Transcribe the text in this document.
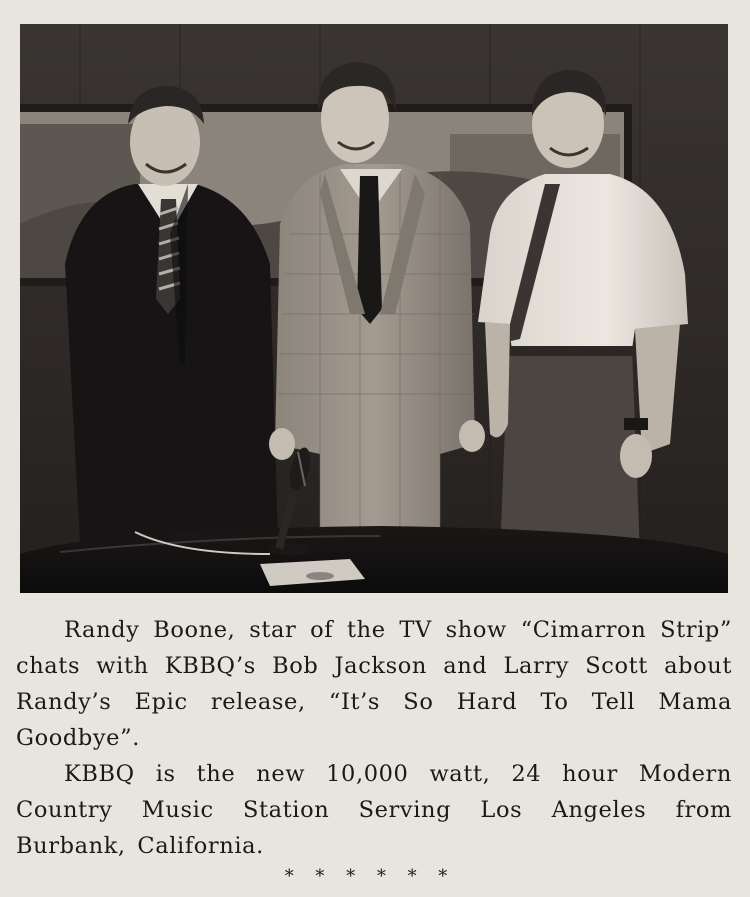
Randy Boone, star of the TV show “Cimarron Strip” chats with KBBQ’s Bob Jackson and Larry Scott about Randy’s Epic release, “It’s So Hard To Tell Mama Goodbye”.

KBBQ is the new 10,000 watt, 24 hour Modern Country Music Station Serving Los Angeles from Burbank, California.

* * * * * *
